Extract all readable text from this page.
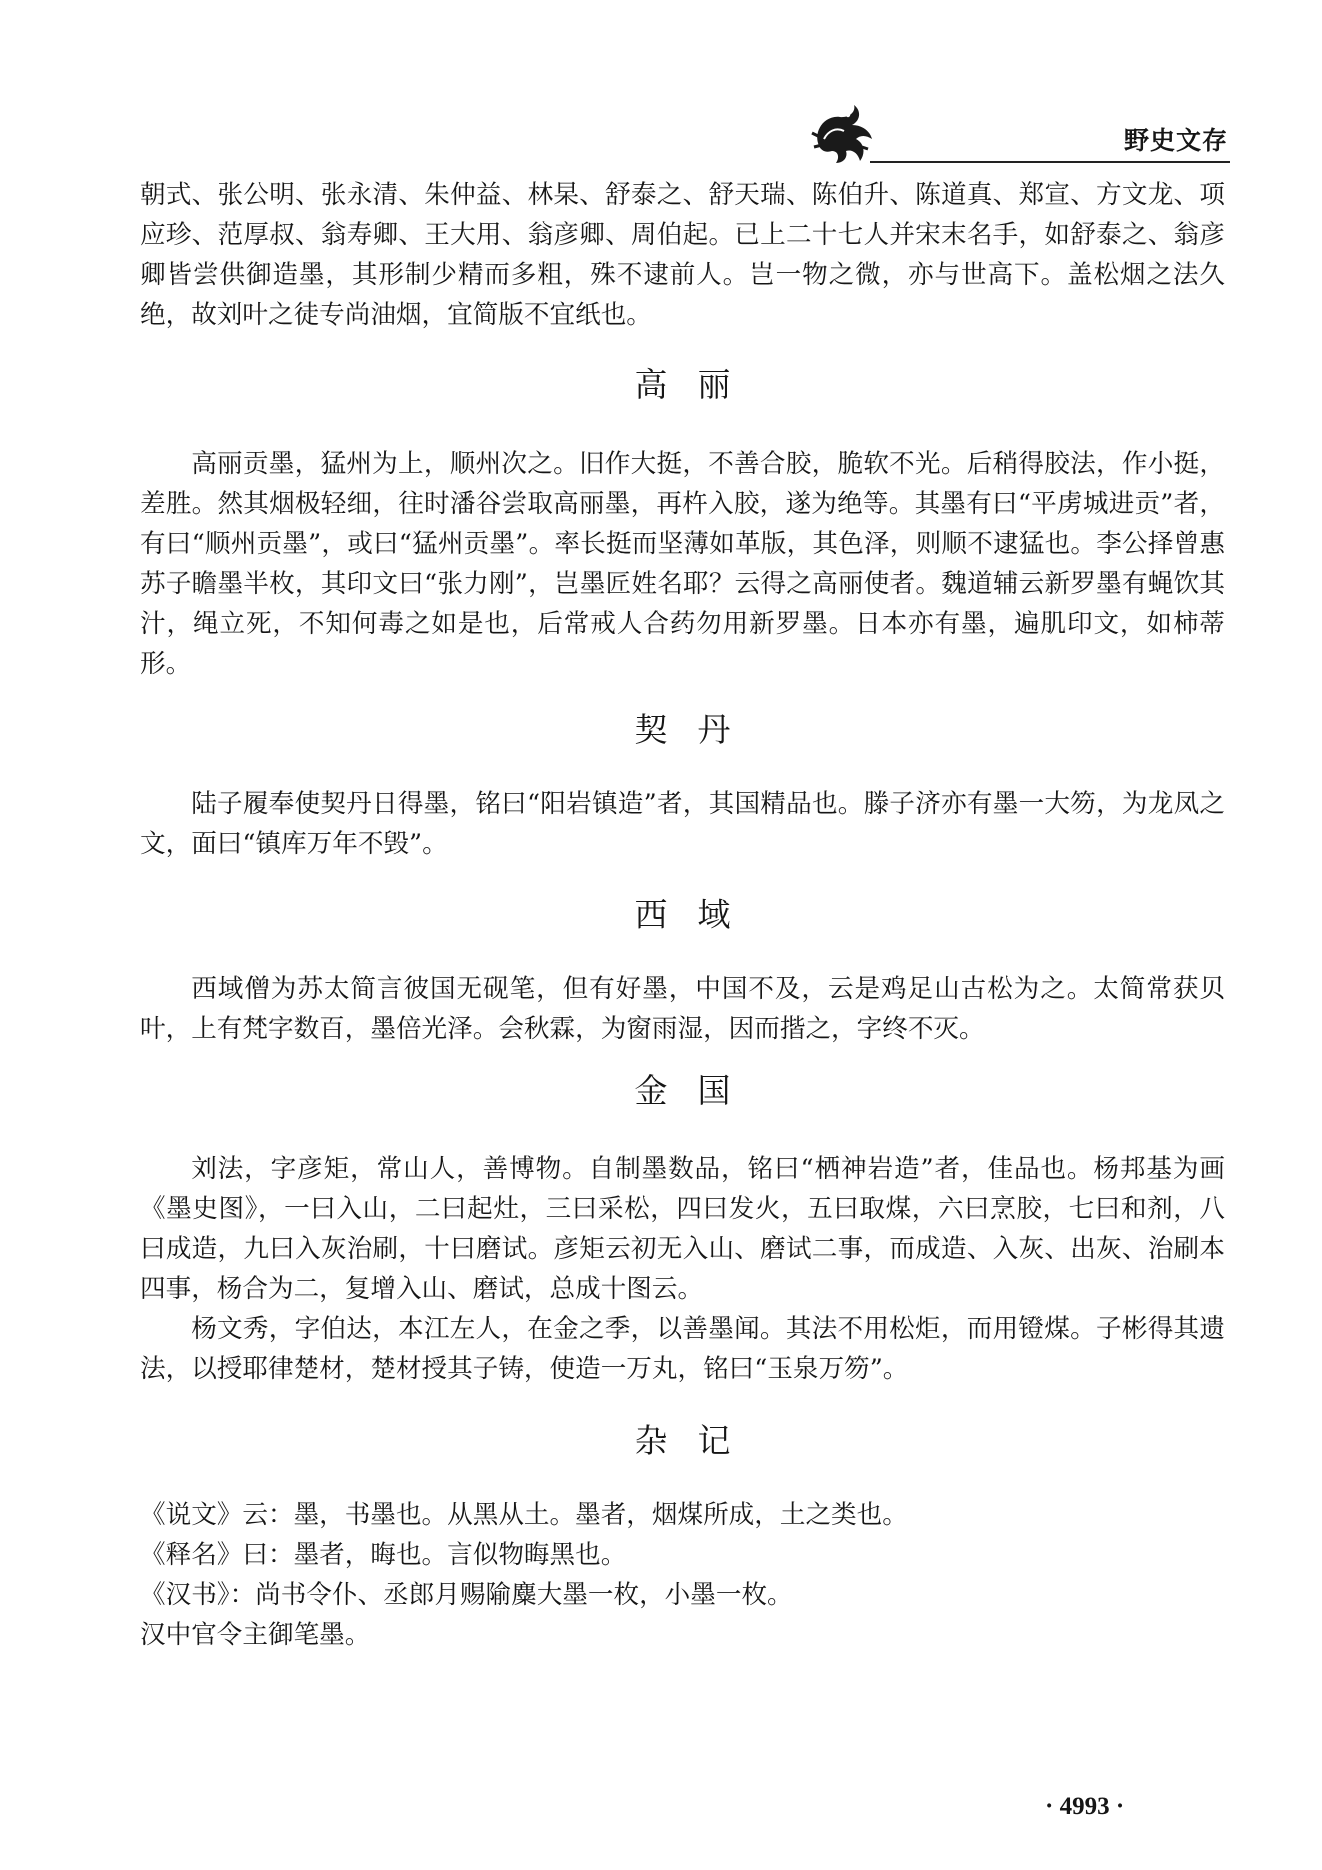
野史文存

朝式、张公明、张永清、朱仲益、林杲、舒泰之、舒天瑞、陈伯升、陈道真、郑宣、方文龙、项应珍、范厚叔、翁寿卿、王大用、翁彦卿、周伯起。已上二十七人并宋末名手，如舒泰之、翁彦卿皆尝供御造墨，其形制少精而多粗，殊不逮前人。岂一物之微，亦与世高下。盖松烟之法久绝，故刘叶之徒专尚油烟，宜简版不宜纸也。

高丽

高丽贡墨，猛州为上，顺州次之。旧作大挺，不善合胶，脆软不光。后稍得胶法，作小挺，差胜。然其烟极轻细，往时潘谷尝取高丽墨，再杵入胶，遂为绝等。其墨有曰“平虏城进贡”者，有曰“顺州贡墨”，或曰“猛州贡墨”。率长挺而坚薄如革版，其色泽，则顺不逮猛也。李公择曾惠苏子瞻墨半枚，其印文曰“张力刚”，岂墨匠姓名耶？云得之高丽使者。魏道辅云新罗墨有蝇饮其汁，绳立死，不知何毒之如是也，后常戒人合药勿用新罗墨。日本亦有墨，遍肌印文，如柿蒂形。

契丹

陆子履奉使契丹日得墨，铭曰“阳岩镇造”者，其国精品也。滕子济亦有墨一大笏，为龙凤之文，面曰“镇库万年不毁”。

西域

西域僧为苏太简言彼国无砚笔，但有好墨，中国不及，云是鸡足山古松为之。太简常获贝叶，上有梵字数百，墨倍光泽。会秋霖，为窗雨湿，因而揩之，字终不灭。

金国

刘法，字彦矩，常山人，善博物。自制墨数品，铭曰“栖神岩造”者，佳品也。杨邦基为画《墨史图》，一曰入山，二曰起灶，三曰采松，四曰发火，五曰取煤，六曰烹胶，七曰和剂，八曰成造，九曰入灰治刷，十曰磨试。彦矩云初无入山、磨试二事，而成造、入灰、出灰、治刷本四事，杨合为二，复增入山、磨试，总成十图云。

杨文秀，字伯达，本江左人，在金之季，以善墨闻。其法不用松炬，而用镫煤。子彬得其遗法，以授耶律楚材，楚材授其子铸，使造一万丸，铭曰“玉泉万笏”。

杂记

《说文》云：墨，书墨也。从黑从土。墨者，烟煤所成，土之类也。

《释名》曰：墨者，晦也。言似物晦黑也。

《汉书》：尚书令仆、丞郎月赐隃麋大墨一枚，小墨一枚。

汉中官令主御笔墨。

· 4993 ·
